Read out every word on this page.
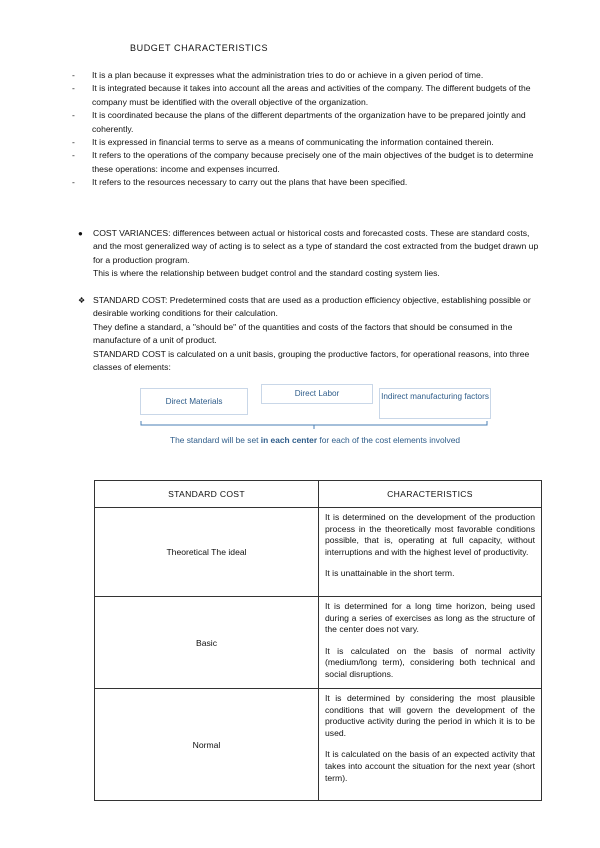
BUDGET CHARACTERISTICS
- It is a plan because it expresses what the administration tries to do or achieve in a given period of time.
- It is integrated because it takes into account all the areas and activities of the company. The different budgets of the company must be identified with the overall objective of the organization.
- It is coordinated because the plans of the different departments of the organization have to be prepared jointly and coherently.
- It is expressed in financial terms to serve as a means of communicating the information contained therein.
- It refers to the operations of the company because precisely one of the main objectives of the budget is to determine these operations: income and expenses incurred.
- It refers to the resources necessary to carry out the plans that have been specified.
● COST VARIANCES: differences between actual or historical costs and forecasted costs. These are standard costs, and the most generalized way of acting is to select as a type of standard the cost extracted from the budget drawn up for a production program.

This is where the relationship between budget control and the standard costing system lies.

❖ STANDARD COST: Predetermined costs that are used as a production efficiency objective, establishing possible or desirable working conditions for their calculation.

They define a standard, a "should be" of the quantities and costs of the factors that should be consumed in the manufacture of a unit of product.

STANDARD COST is calculated on a unit basis, grouping the productive factors, for operational reasons, into three classes of elements:

Direct Materials
Direct Labor	Indirect manufacturing factors
The standard will be set in each center for each of the cost elements involved
STANDARD COST	CHARACTERISTICS
Theoretical The ideal	It is determined on the development of the production process in the theoretically most favorable conditions possible, that is, operating at full capacity, without interruptions and with the highest level of productivity.

It is unattainable in the short term.

Basic	It is determined for a long time horizon, being used during a series of exercises as long as the structure of the center does not vary.

It is calculated on the basis of normal activity (medium/long term), considering both technical and social disruptions.

Normal	It is determined by considering the most plausible conditions that will govern the development of the productive activity during the period in which it is to be used.

It is calculated on the basis of an expected activity that takes into account the situation for the next year (short term).
